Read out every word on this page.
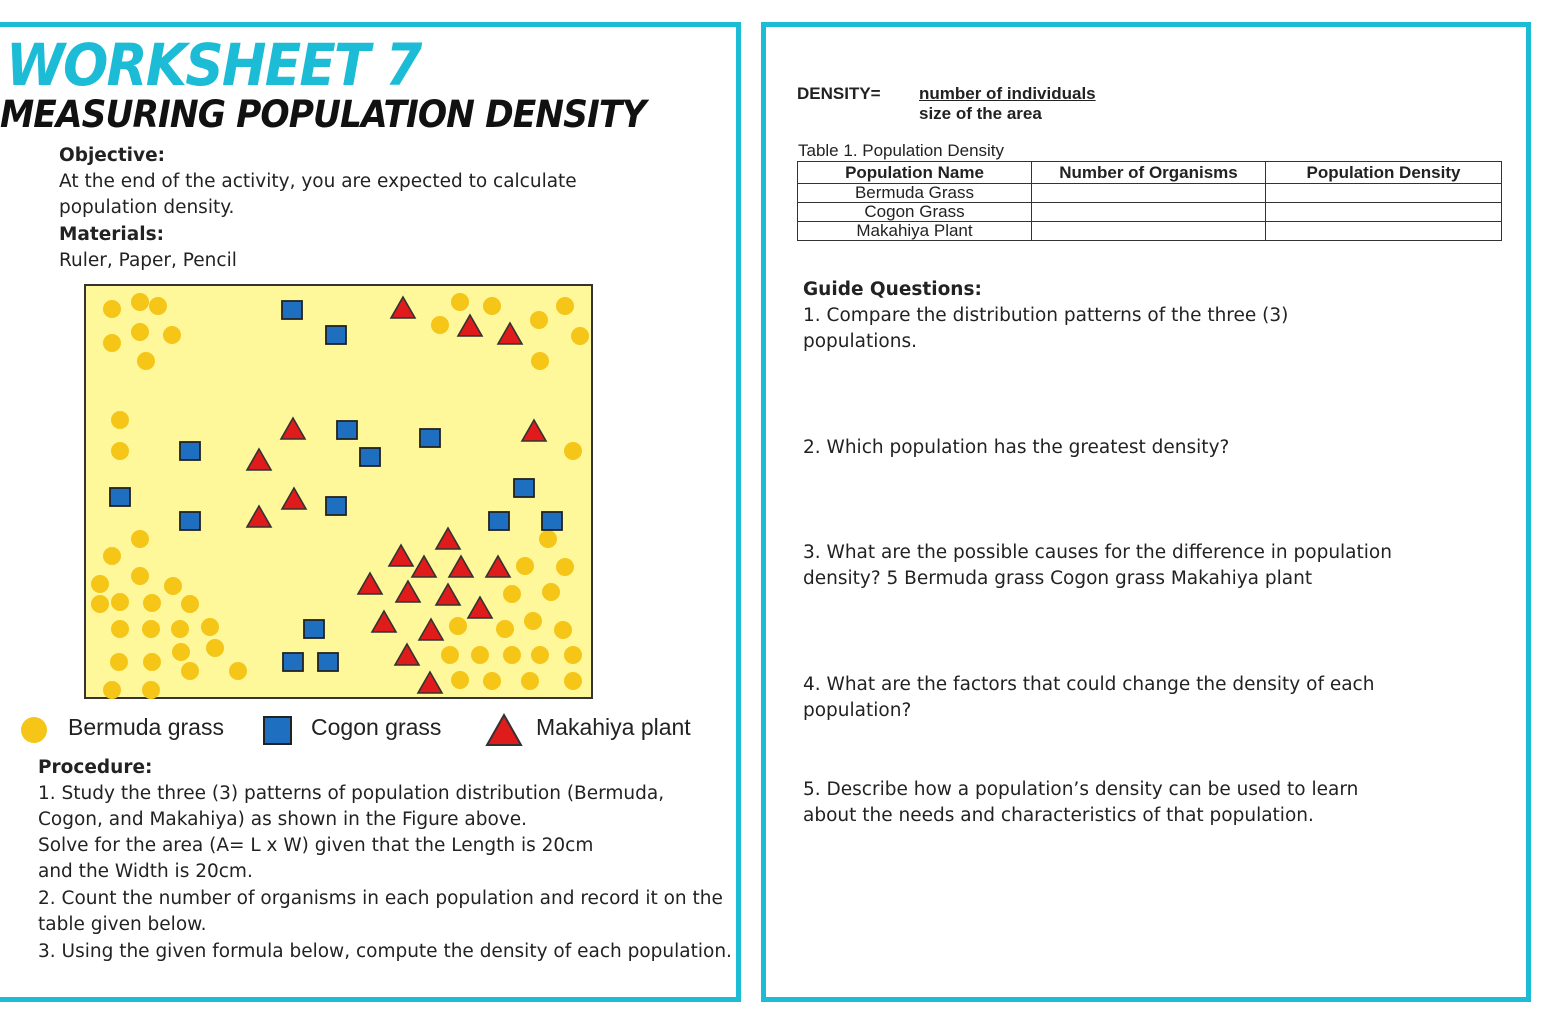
WORKSHEET 7
MEASURING POPULATION DENSITY
Objective:
At the end of the activity, you are expected to calculate
population density.
Materials:
Ruler, Paper, Pencil
Bermuda grass	Cogon grass	Makahiya plant
Procedure:
1. Study the three (3) patterns of population distribution (Bermuda,
Cogon, and Makahiya) as shown in the Figure above.
Solve for the area (A= L x W) given that the Length is 20cm
and the Width is 20cm.
2. Count the number of organisms in each population and record it on the
table given below.
3. Using the given formula below, compute the density of each population.
DENSITY= number of individuals
size of the area
Table 1. Population Density
Population Name	Number of Organisms	Population Density
Bermuda Grass		
Cogon Grass		
Makahiya Plant		
Guide Questions:
1. Compare the distribution patterns of the three (3)
populations.
2. Which population has the greatest density?
3. What are the possible causes for the difference in population
density? 5 Bermuda grass Cogon grass Makahiya plant
4. What are the factors that could change the density of each
population?
5. Describe how a population’s density can be used to learn
about the needs and characteristics of that population.
